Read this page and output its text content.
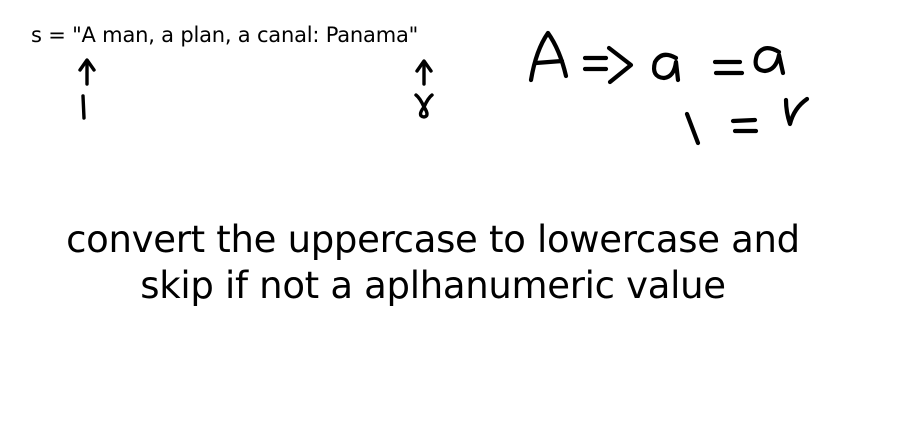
s = "A man, a plan, a canal: Panama"
convert the uppercase to lowercase and
skip if not a aplhanumeric value
